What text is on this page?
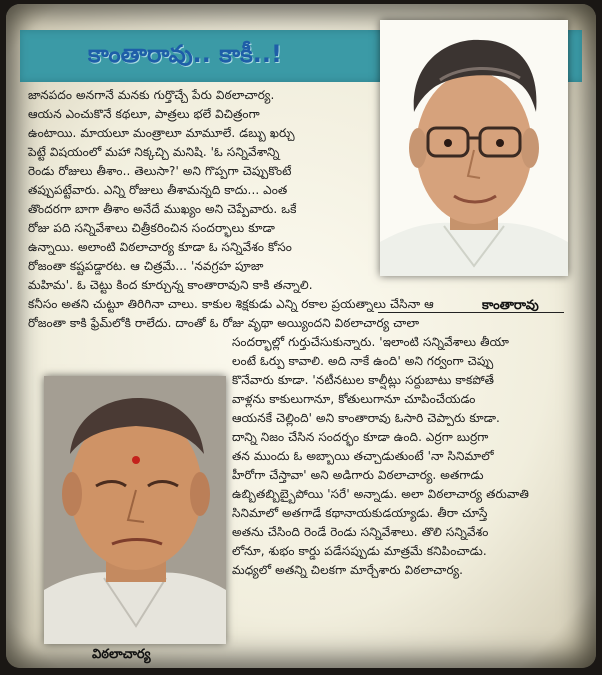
కాంతారావు.. కాకీ..!
కాంతారావు
విఠలాచార్య
జానపదం అనగానే మనకు గుర్తొచ్చే పేరు విఠలాచార్య.
ఆయన ఎంచుకొనే కథలూ, పాత్రలు భలే విచిత్రంగా
ఉంటాయి. మాయలూ మంత్రాలూ మామూలే. డబ్బు ఖర్చు
పెట్టే విషయంలో మహా నిక్కచ్చి మనిషి. 'ఓ సన్నివేశాన్ని
రెండు రోజులు తీశాం.. తెలుసా?' అని గొప్పగా చెప్పుకొంటే
తప్పుపట్టేవారు. ఎన్ని రోజులు తీశామన్నది కాదు... ఎంత
తొందరగా బాగా తీశాం అనేదే ముఖ్యం అని చెప్పేవారు. ఒకే
రోజు పది సన్నివేశాలు చిత్రీకరించిన సందర్భాలు కూడా
ఉన్నాయి. అలాంటి విఠలాచార్య కూడా ఓ సన్నివేశం కోసం
రోజంతా కష్టపడ్డారట. ఆ చిత్రమే... 'నవగ్రహ పూజా
మహిమ'. ఓ చెట్టు కింద కూర్చున్న కాంతారావుని కాకి తన్నాలి.
కనీసం అతని చుట్టూ తిరిగినా చాలు. కాకుల శిక్షకుడు ఎన్ని రకాల ప్రయత్నాలు చేసినా ఆ
రోజంతా కాకి ఫ్రేమ్‌లోకి రాలేదు. దాంతో ఓ రోజు వృథా అయ్యిందని విఠలాచార్య చాలా
సందర్భాల్లో గుర్తుచేసుకున్నారు. 'ఇలాంటి సన్నివేశాలు తీయా
లంటే ఓర్పు కావాలి. అది నాకే ఉంది' అని గర్వంగా చెప్పు
కొనేవారు కూడా. 'నటీనటుల కాల్షీట్లు సర్దుబాటు కాకపోతే
వాళ్లను కాకులుగానూ, కోతులుగానూ చూపించేయడం
ఆయనకే చెల్లింది' అని కాంతారావు ఓసారి చెప్పారు కూడా.
దాన్ని నిజం చేసిన సందర్భం కూడా ఉంది. ఎర్రగా బుర్రగా
తన ముందు ఓ అబ్బాయి తచ్చాడుతుంటే 'నా సినిమాలో
హీరోగా చేస్తావా' అని అడిగారు విఠలాచార్య. అతగాడు
ఉబ్బితబ్బిబ్బైపోయి 'సరే' అన్నాడు. అలా విఠలాచార్య తరువాతి
సినిమాలో అతగాడే కథానాయకుడయ్యాడు. తీరా చూస్తే
అతను చేసింది రెండే రెండు సన్నివేశాలు. తొలి సన్నివేశం
లోనూ, శుభం కార్డు పడేసప్పుడు మాత్రమే కనిపించాడు.
మధ్యలో అతన్ని చిలకగా మార్చేశారు విఠలాచార్య.
